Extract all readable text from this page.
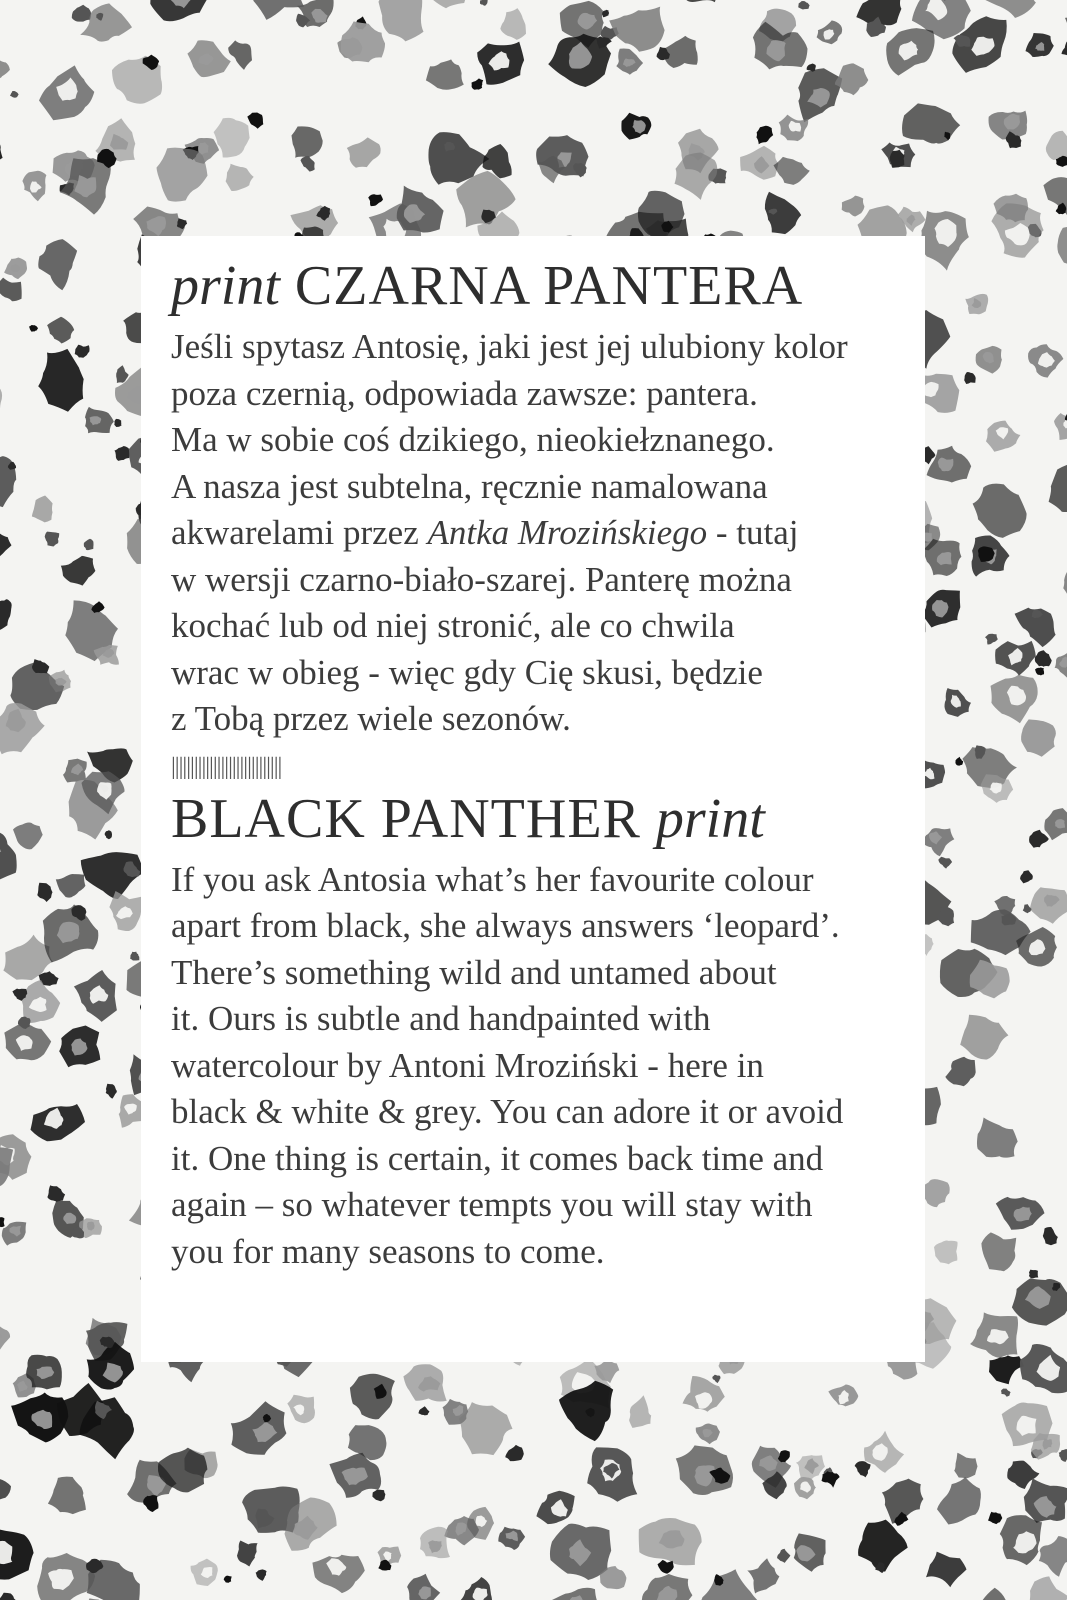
print CZARNA PANTERA
Jeśli spytasz Antosię, jaki jest jej ulubiony kolor
poza czernią, odpowiada zawsze: pantera.
Ma w sobie coś dzikiego, nieokiełznanego.
A nasza jest subtelna, ręcznie namalowana
akwarelami przez Antka Mrozińskiego - tutaj
w wersji czarno-biało-szarej. Panterę można
kochać lub od niej stronić, ale co chwila
wrac w obieg - więc gdy Cię skusi, będzie
z Tobą przez wiele sezonów.
|||||||||||||||||||||||||||||
BLACK PANTHER print
If you ask Antosia what’s her favourite colour
apart from black, she always answers ‘leopard’.
There’s something wild and untamed about
it. Ours is subtle and handpainted with
watercolour by Antoni Mroziński - here in
black & white & grey. You can adore it or avoid
it. One thing is certain, it comes back time and
again – so whatever tempts you will stay with
you for many seasons to come.
